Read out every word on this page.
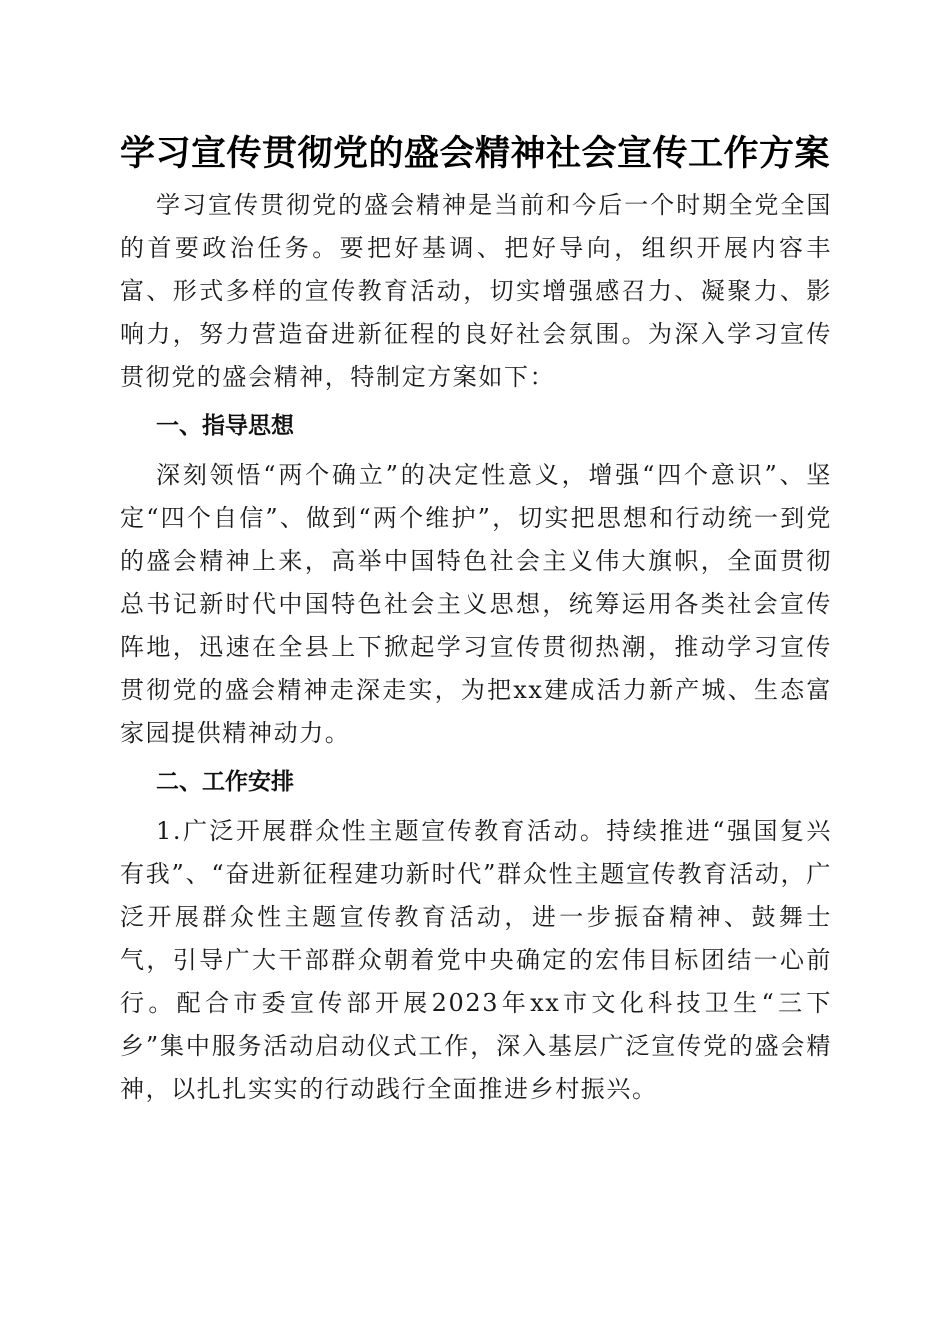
学习宣传贯彻党的盛会精神社会宣传工作方案

学习宣传贯彻党的盛会精神是当前和今后一个时期全党全国的首要政治任务。要把好基调、把好导向，组织开展内容丰富、形式多样的宣传教育活动，切实增强感召力、凝聚力、影响力，努力营造奋进新征程的良好社会氛围。为深入学习宣传贯彻党的盛会精神，特制定方案如下：

一、指导思想

深刻领悟“两个确立”的决定性意义，增强“四个意识”、坚定“四个自信”、做到“两个维护”，切实把思想和行动统一到党的盛会精神上来，高举中国特色社会主义伟大旗帜，全面贯彻总书记新时代中国特色社会主义思想，统筹运用各类社会宣传阵地，迅速在全县上下掀起学习宣传贯彻热潮，推动学习宣传贯彻党的盛会精神走深走实，为把xx建成活力新产城、生态富家园提供精神动力。

二、工作安排

1.广泛开展群众性主题宣传教育活动。持续推进“强国复兴有我”、“奋进新征程建功新时代”群众性主题宣传教育活动，广泛开展群众性主题宣传教育活动，进一步振奋精神、鼓舞士气，引导广大干部群众朝着党中央确定的宏伟目标团结一心前行。配合市委宣传部开展2023年xx市文化科技卫生“三下乡”集中服务活动启动仪式工作，深入基层广泛宣传党的盛会精神，以扎扎实实的行动践行全面推进乡村振兴。
